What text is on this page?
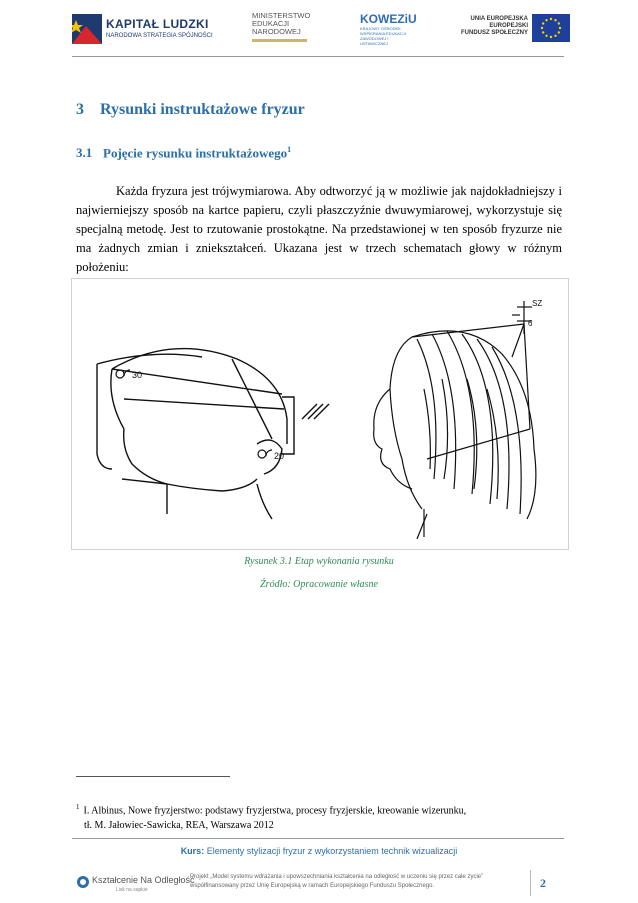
KAPITAŁ LUDZKI
NARODOWA STRATEGIA SPÓJNOŚCI
MINISTERSTWO
EDUKACJI
NARODOWEJ
KOWEZiU
KRAJOWY OŚRODEK WSPIERANIA EDUKACJI ZAWODOWEJ I USTAWICZNEJ
UNIA EUROPEJSKA
EUROPEJSKI
FUNDUSZ SPOŁECZNY
3 Rysunki instruktażowe fryzur
3.1 Pojęcie rysunku instruktażowego$^1$

Każda fryzura jest trójwymiarowa. Aby odtworzyć ją w możliwie jak najdokładniejszy i najwierniejszy sposób na kartce papieru, czyli płaszczyźnie dwuwymiarowej, wykorzystuje się specjalną metodę. Jest to rzutowanie prostokątne. Na przedstawionej w ten sposób fryzurze nie ma żadnych zmian i zniekształceń. Ukazana jest w trzech schematach głowy w różnym położeniu:

30
20
SZ
6
Rysunek 3.1 Etap wykonania rysunku
Źródło: Opracowanie własne
$^1$ I. Albinus, Nowe fryzjerstwo: podstawy fryzjerstwa, procesy fryzjerskie, kreowanie wizerunku,
tł. M. Jałowiec-Sawicka, REA, Warszawa 2012
Kurs: Elementy stylizacji fryzur z wykorzystaniem technik wizualizacji
Kształcenie Na Odległość
Lisk na sapkie
Projekt „Model systemu wdrażania i upowszechniania kształcenia na odległość w uczeniu się przez całe życie”
współfinansowany przez Unię Europejską w ramach Europejskiego Funduszu Społecznego.	2
